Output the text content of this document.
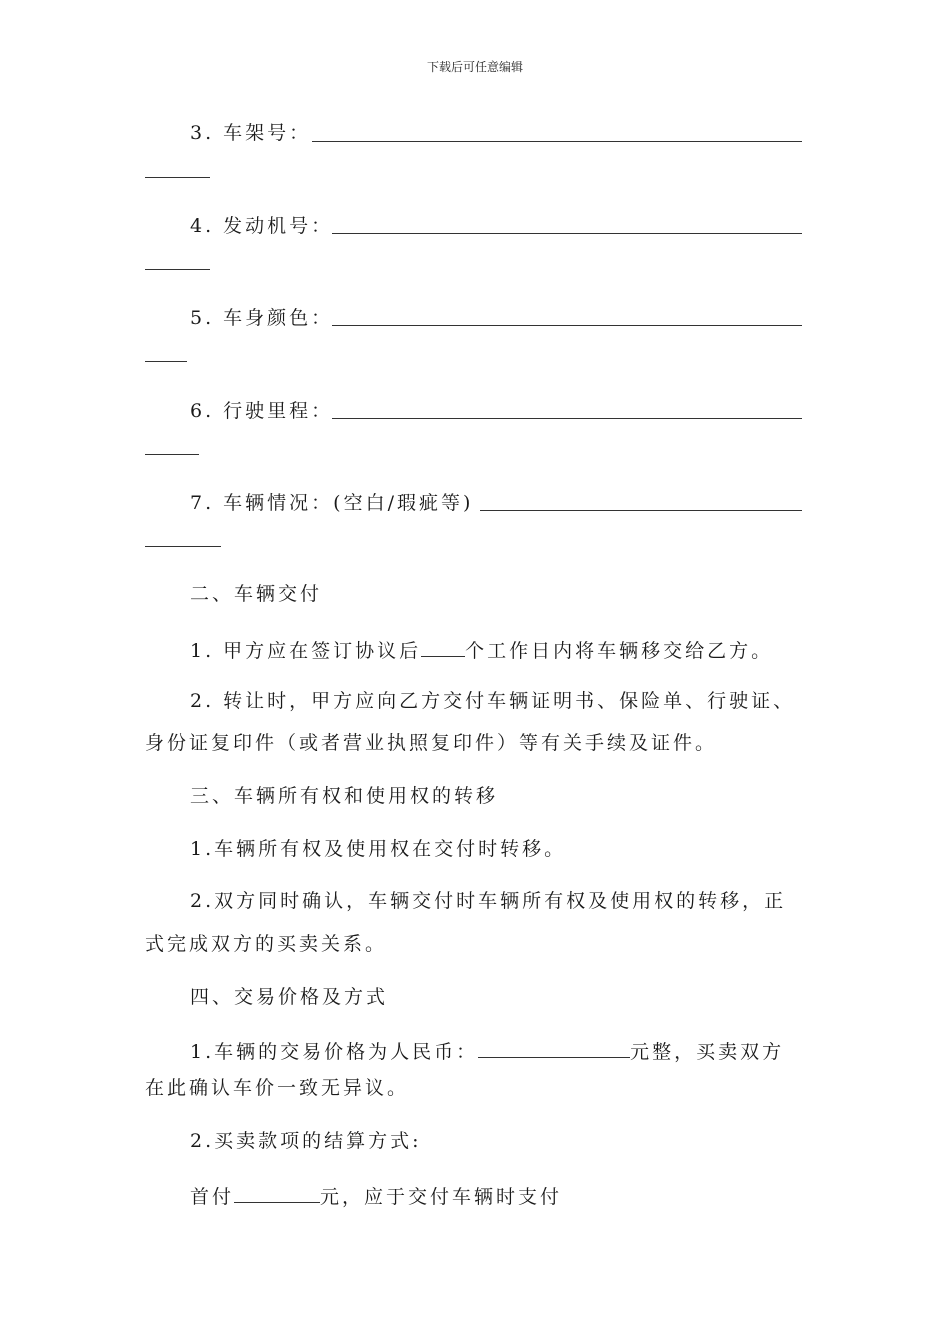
下载后可任意编辑
3. 车架号：
4. 发动机号：
5. 车身颜色：
6. 行驶里程：
7. 车辆情况：(空白/瑕疵等)
二、车辆交付
1. 甲方应在签订协议后 个工作日内将车辆移交给乙方。
2. 转让时，甲方应向乙方交付车辆证明书、保险单、行驶证、
身份证复印件（或者营业执照复印件）等有关手续及证件。
三、车辆所有权和使用权的转移
1.车辆所有权及使用权在交付时转移。
2.双方同时确认，车辆交付时车辆所有权及使用权的转移，正
式完成双方的买卖关系。
四、交易价格及方式
1.车辆的交易价格为人民币：	元整，买卖双方
在此确认车价一致无异议。
2.买卖款项的结算方式:
首付	元，应于交付车辆时支付
